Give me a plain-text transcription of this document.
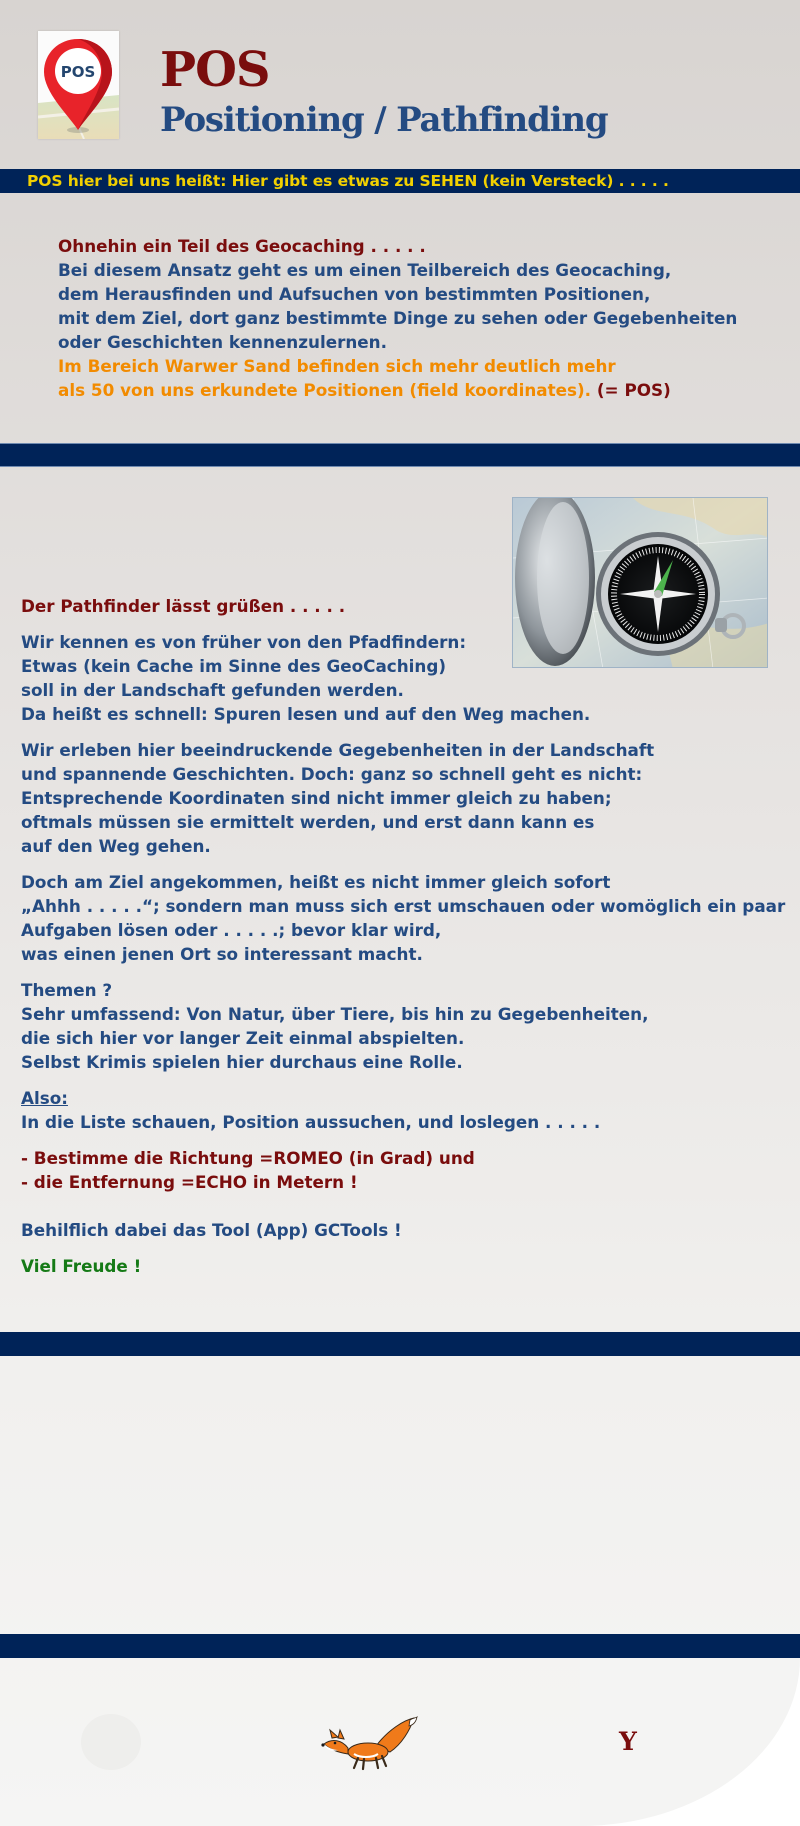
POS POS
Positioning / Pathfinding
POS hier bei uns heißt: Hier gibt es etwas zu SEHEN (kein Versteck) . . . . .

Ohnehin ein Teil des Geocaching . . . . .

Bei diesem Ansatz geht es um einen Teilbereich des Geocaching,

dem Herausfinden und Aufsuchen von bestimmten Positionen,

mit dem Ziel, dort ganz bestimmte Dinge zu sehen oder Gegebenheiten

oder Geschichten kennenzulernen.

Im Bereich Warwer Sand befinden sich mehr deutlich mehr

als 50 von uns erkundete Positionen (field koordinates). (= POS)

Der Pathfinder lässt grüßen . . . . .

Wir kennen es von früher von den Pfadfindern:
Etwas (kein Cache im Sinne des GeoCaching)
soll in der Landschaft gefunden werden.
Da heißt es schnell: Spuren lesen und auf den Weg machen.

Wir erleben hier beeindruckende Gegebenheiten in der Landschaft
und spannende Geschichten. Doch: ganz so schnell geht es nicht:
Entsprechende Koordinaten sind nicht immer gleich zu haben;
oftmals müssen sie ermittelt werden, und erst dann kann es
auf den Weg gehen.

Doch am Ziel angekommen, heißt es nicht immer gleich sofort
„Ahhh . . . . .“; sondern man muss sich erst umschauen oder womöglich ein paar
Aufgaben lösen oder . . . . .; bevor klar wird,
was einen jenen Ort so interessant macht.

Themen ?
Sehr umfassend: Von Natur, über Tiere, bis hin zu Gegebenheiten,
die sich hier vor langer Zeit einmal abspielten.
Selbst Krimis spielen hier durchaus eine Rolle.

Also:
In die Liste schauen, Position aussuchen, und loslegen . . . . .

- Bestimme die Richtung =ROMEO (in Grad) und
- die Entfernung =ECHO in Metern !

Behilflich dabei das Tool (App) GCTools !

Viel Freude !

Y
